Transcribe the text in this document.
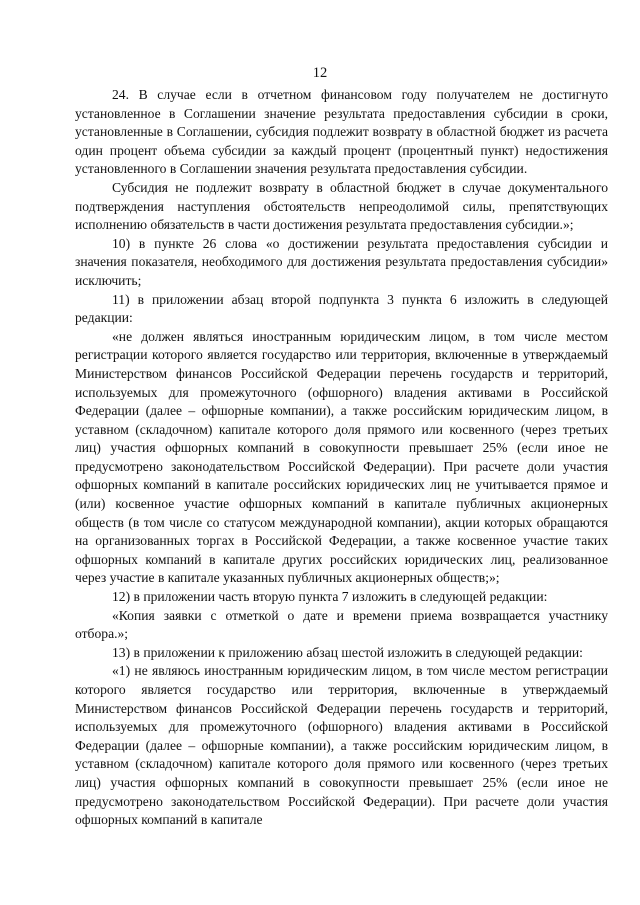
12

24. В случае если в отчетном финансовом году получателем не достигнуто установленное в Соглашении значение результата предоставления субсидии в сроки, установленные в Соглашении, субсидия подлежит возврату в областной бюджет из расчета один процент объема субсидии за каждый процент (процентный пункт) недостижения установленного в Соглашении значения результата предоставления субсидии.

Субсидия не подлежит возврату в областной бюджет в случае документального подтверждения наступления обстоятельств непреодолимой силы, препятствующих исполнению обязательств в части достижения результата предоставления субсидии.»;

10) в пункте 26 слова «о достижении результата предоставления субсидии и значения показателя, необходимого для достижения результата предоставления субсидии» исключить;

11) в приложении абзац второй подпункта 3 пункта 6 изложить в следующей редакции:

«не должен являться иностранным юридическим лицом, в том числе местом регистрации которого является государство или территория, включенные в утверждаемый Министерством финансов Российской Федерации перечень государств и территорий, используемых для промежуточного (офшорного) владения активами в Российской Федерации (далее – офшорные компании), а также российским юридическим лицом, в уставном (складочном) капитале которого доля прямого или косвенного (через третьих лиц) участия офшорных компаний в совокупности превышает 25% (если иное не предусмотрено законодательством Российской Федерации). При расчете доли участия офшорных компаний в капитале российских юридических лиц не учитывается прямое и (или) косвенное участие офшорных компаний в капитале публичных акционерных обществ (в том числе со статусом международной компании), акции которых обращаются на организованных торгах в Российской Федерации, а также косвенное участие таких офшорных компаний в капитале других российских юридических лиц, реализованное через участие в капитале указанных публичных акционерных обществ;»;

12) в приложении часть вторую пункта 7 изложить в следующей редакции:

«Копия заявки с отметкой о дате и времени приема возвращается участнику отбора.»;

13) в приложении к приложению абзац шестой изложить в следующей редакции:

«1) не являюсь иностранным юридическим лицом, в том числе местом регистрации которого является государство или территория, включенные в утверждаемый Министерством финансов Российской Федерации перечень государств и территорий, используемых для промежуточного (офшорного) владения активами в Российской Федерации (далее – офшорные компании), а также российским юридическим лицом, в уставном (складочном) капитале которого доля прямого или косвенного (через третьих лиц) участия офшорных компаний в совокупности превышает 25% (если иное не предусмотрено законодательством Российской Федерации). При расчете доли участия офшорных компаний в капитале
